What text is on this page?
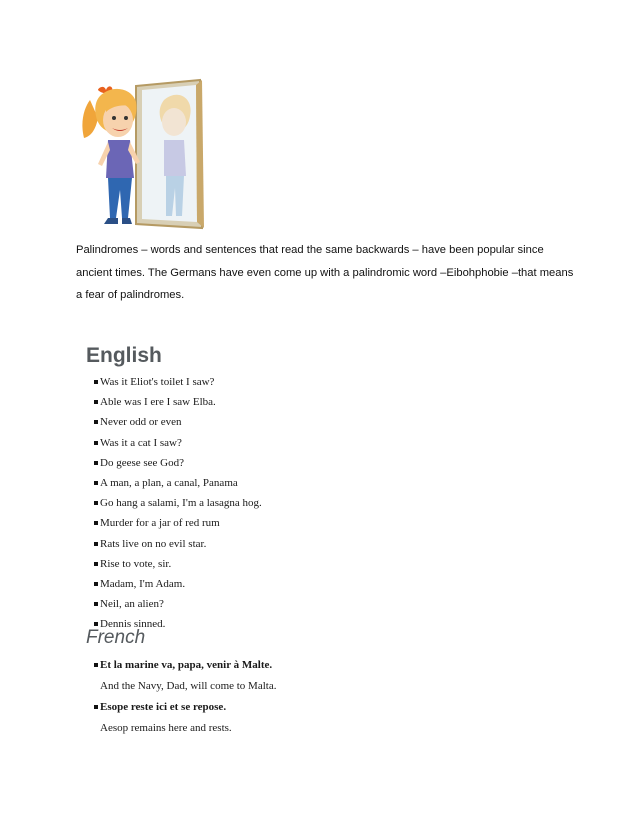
Palindromes – words and sentences that read the same backwards – have been popular since

ancient times. The Germans have even come up with a palindromic word –Eibohphobie –that means

a fear of palindromes.

English
Was it Eliot's toilet I saw?
Able was I ere I saw Elba.
Never odd or even
Was it a cat I saw?
Do geese see God?
A man, a plan, a canal, Panama
Go hang a salami, I'm a lasagna hog.
Murder for a jar of red rum
Rats live on no evil star.
Rise to vote, sir.
Madam, I'm Adam.
Neil, an alien?
Dennis sinned.
French
Et la marine va, papa, venir à Malte.
And the Navy, Dad, will come to Malta.
Esope reste ici et se repose.
Aesop remains here and rests.
